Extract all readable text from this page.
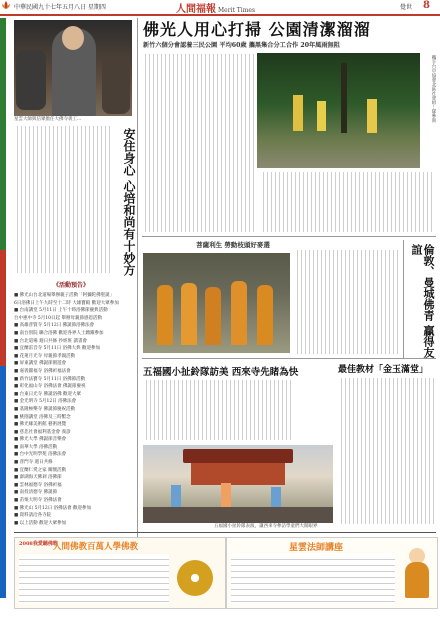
中華民國九十七年五月八日 星期四	人間福報 Merit Times	覺世 8
星雲大師與信眾擔任大佛寺義工...
安住身心 心培和尚有十妙方
《活動預告》
■ 佛光山台北道場舉辦親子活動「阿彌陀佛聖誕」
6日浴佛日上午九時至十二時 大雄寶殿 歡迎大眾參加
■ 台南講堂 5月11日 上午十時浴佛節慶典活動
台中惠中寺 5月10日起 舉辦母親節感恩活動
■ 高雄普賢寺 5月12日 佛誕節浴佛法會
■ 南台別院 聯合浴佛 歡迎各界人士踴躍參加
■ 台北道場 週日共修 抄經班 讀書會
■ 宜蘭雷音寺 5月11日 浴佛大典 歡迎參加
■ 花蓮月光寺 母親節孝親活動
■ 屏東講堂 佛誕節園遊會
■ 嘉義圓福寺 浴佛祈福法會
■ 新竹法寶寺 5月11日 浴佛節活動
■ 彰化福山寺 浴佛法會 佛誕節慶祝
■ 台東日光寺 佛誕浴佛 歡迎大眾
■ 金光明寺 5月12日 浴佛法會
■ 基隆極樂寺 佛誕節慶祝活動
■ 桃園講堂 浴佛及三時繫念
■ 佛光緣美術館 藝術展覽
■ 慈悲社會福利基金會 義診
■ 佛光大學 佛誕節音樂會
■ 南華大學 浴佛活動
■ 台中光明學苑 浴佛法會
■ 普門寺 週日共修
■ 宜蘭仁愛之家 關懷活動
■ 澎湖海天佛剎 浴佛節
■ 雲林福德寺 浴佛祈福
■ 南投清德寺 佛誕節
■ 苗栗大明寺 浴佛法會
■ 佛光山 5月12日 浴佛法會 歡迎參加
■ 資料請洽各寺院
■ 以上活動 歡迎大眾參加
佛光人用心打掃 公園清潔溜溜
新竹六個分會認養三民公園 平均60歲 攜黑集合分工合作 20年風雨無阻
攜手台中協會北區社會組...隊參與
菩薩利生 勞動枝頭好麥選	倫敦、曼城佛青 贏得友誼
五福國小扯鈴隊訪美 西來寺先睹為快	最佳教材「金玉滿堂」
五福國小扯鈴隊表演，讓西來寺參訪學童們大開眼界
2008我愛聽佛歌
人間佛教百萬人學佛教	星雲法師講座
